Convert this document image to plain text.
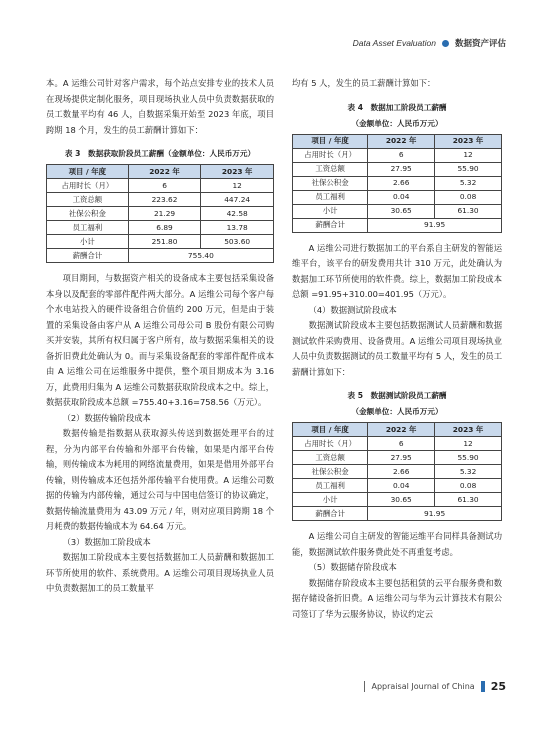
Data Asset Evaluation 数据资产评估

本。A 运维公司针对客户需求，每个站点安排专业的技术人员在现场提供定制化服务，项目现场执业人员中负责数据获取的员工数量平均有 46 人，自数据采集开始至 2023 年底，项目跨期 18 个月，发生的员工薪酬计算如下：

表 3　数据获取阶段员工薪酬（金额单位：人民币万元）
项目 / 年度	2022 年	2023 年
占用时长（月）	6	12
工资总额	223.62	447.24
社保公积金	21.29	42.58
员工福利	6.89	13.78
小计	251.80	503.60
薪酬合计	755.40	

项目期间，与数据资产相关的设备成本主要包括采集设备本身以及配套的零部件配件两大部分。A 运维公司每个客户每个水电站投入的硬件设备组合价值约 200 万元，但是由于装置的采集设备由客户从 A 运维公司母公司 B 股份有限公司购买并安装，其所有权归属于客户所有，故与数据采集相关的设备折旧费此处确认为 0。而与采集设备配套的零部件配件成本由 A 运维公司在运维服务中提供，整个项目期成本为 3.16 万，此费用归集为 A 运维公司数据获取阶段成本之中。综上，数据获取阶段成本总额 =755.40+3.16=758.56（万元）。

（2）数据传输阶段成本

数据传输是指数据从获取源头传送到数据处理平台的过程，分为内部平台传输和外部平台传输，如果是内部平台传输，则传输成本为耗用的网络流量费用，如果是借用外部平台传输，则传输成本还包括外部传输平台使用费。A 运维公司数据的传输为内部传输，通过公司与中国电信签订的协议确定，数据传输流量费用为 43.09 万元 / 年，则对应项目跨期 18 个月耗费的数据传输成本为 64.64 万元。

（3）数据加工阶段成本

数据加工阶段成本主要包括数据加工人员薪酬和数据加工环节所使用的软件、系统费用。A 运维公司项目现场执业人员中负责数据加工的员工数量平

均有 5 人，发生的员工薪酬计算如下：

表 4　数据加工阶段员工薪酬
（金额单位：人民币万元）
项目 / 年度	2022 年	2023 年
占用时长（月）	6	12
工资总额	27.95	55.90
社保公积金	2.66	5.32
员工福利	0.04	0.08
小计	30.65	61.30
薪酬合计	91.95	

A 运维公司进行数据加工的平台系自主研发的智能运维平台，该平台的研发费用共计 310 万元，此处确认为数据加工环节所使用的软件费。综上，数据加工阶段成本总额 =91.95+310.00=401.95（万元）。

（4）数据测试阶段成本

数据测试阶段成本主要包括数据测试人员薪酬和数据测试软件采购费用、设备费用。A 运维公司项目现场执业人员中负责数据测试的员工数量平均有 5 人，发生的员工薪酬计算如下：

表 5　数据测试阶段员工薪酬
（金额单位：人民币万元）
项目 / 年度	2022 年	2023 年
占用时长（月）	6	12
工资总额	27.95	55.90
社保公积金	2.66	5.32
员工福利	0.04	0.08
小计	30.65	61.30
薪酬合计	91.95	

A 运维公司自主研发的智能运维平台同样具备测试功能，数据测试软件服务费此处不再重复考虑。

（5）数据储存阶段成本

数据储存阶段成本主要包括租赁的云平台服务费和数据存储设备折旧费。A 运维公司与华为云计算技术有限公司签订了华为云服务协议，协议约定云

Appraisal Journal of China 25
